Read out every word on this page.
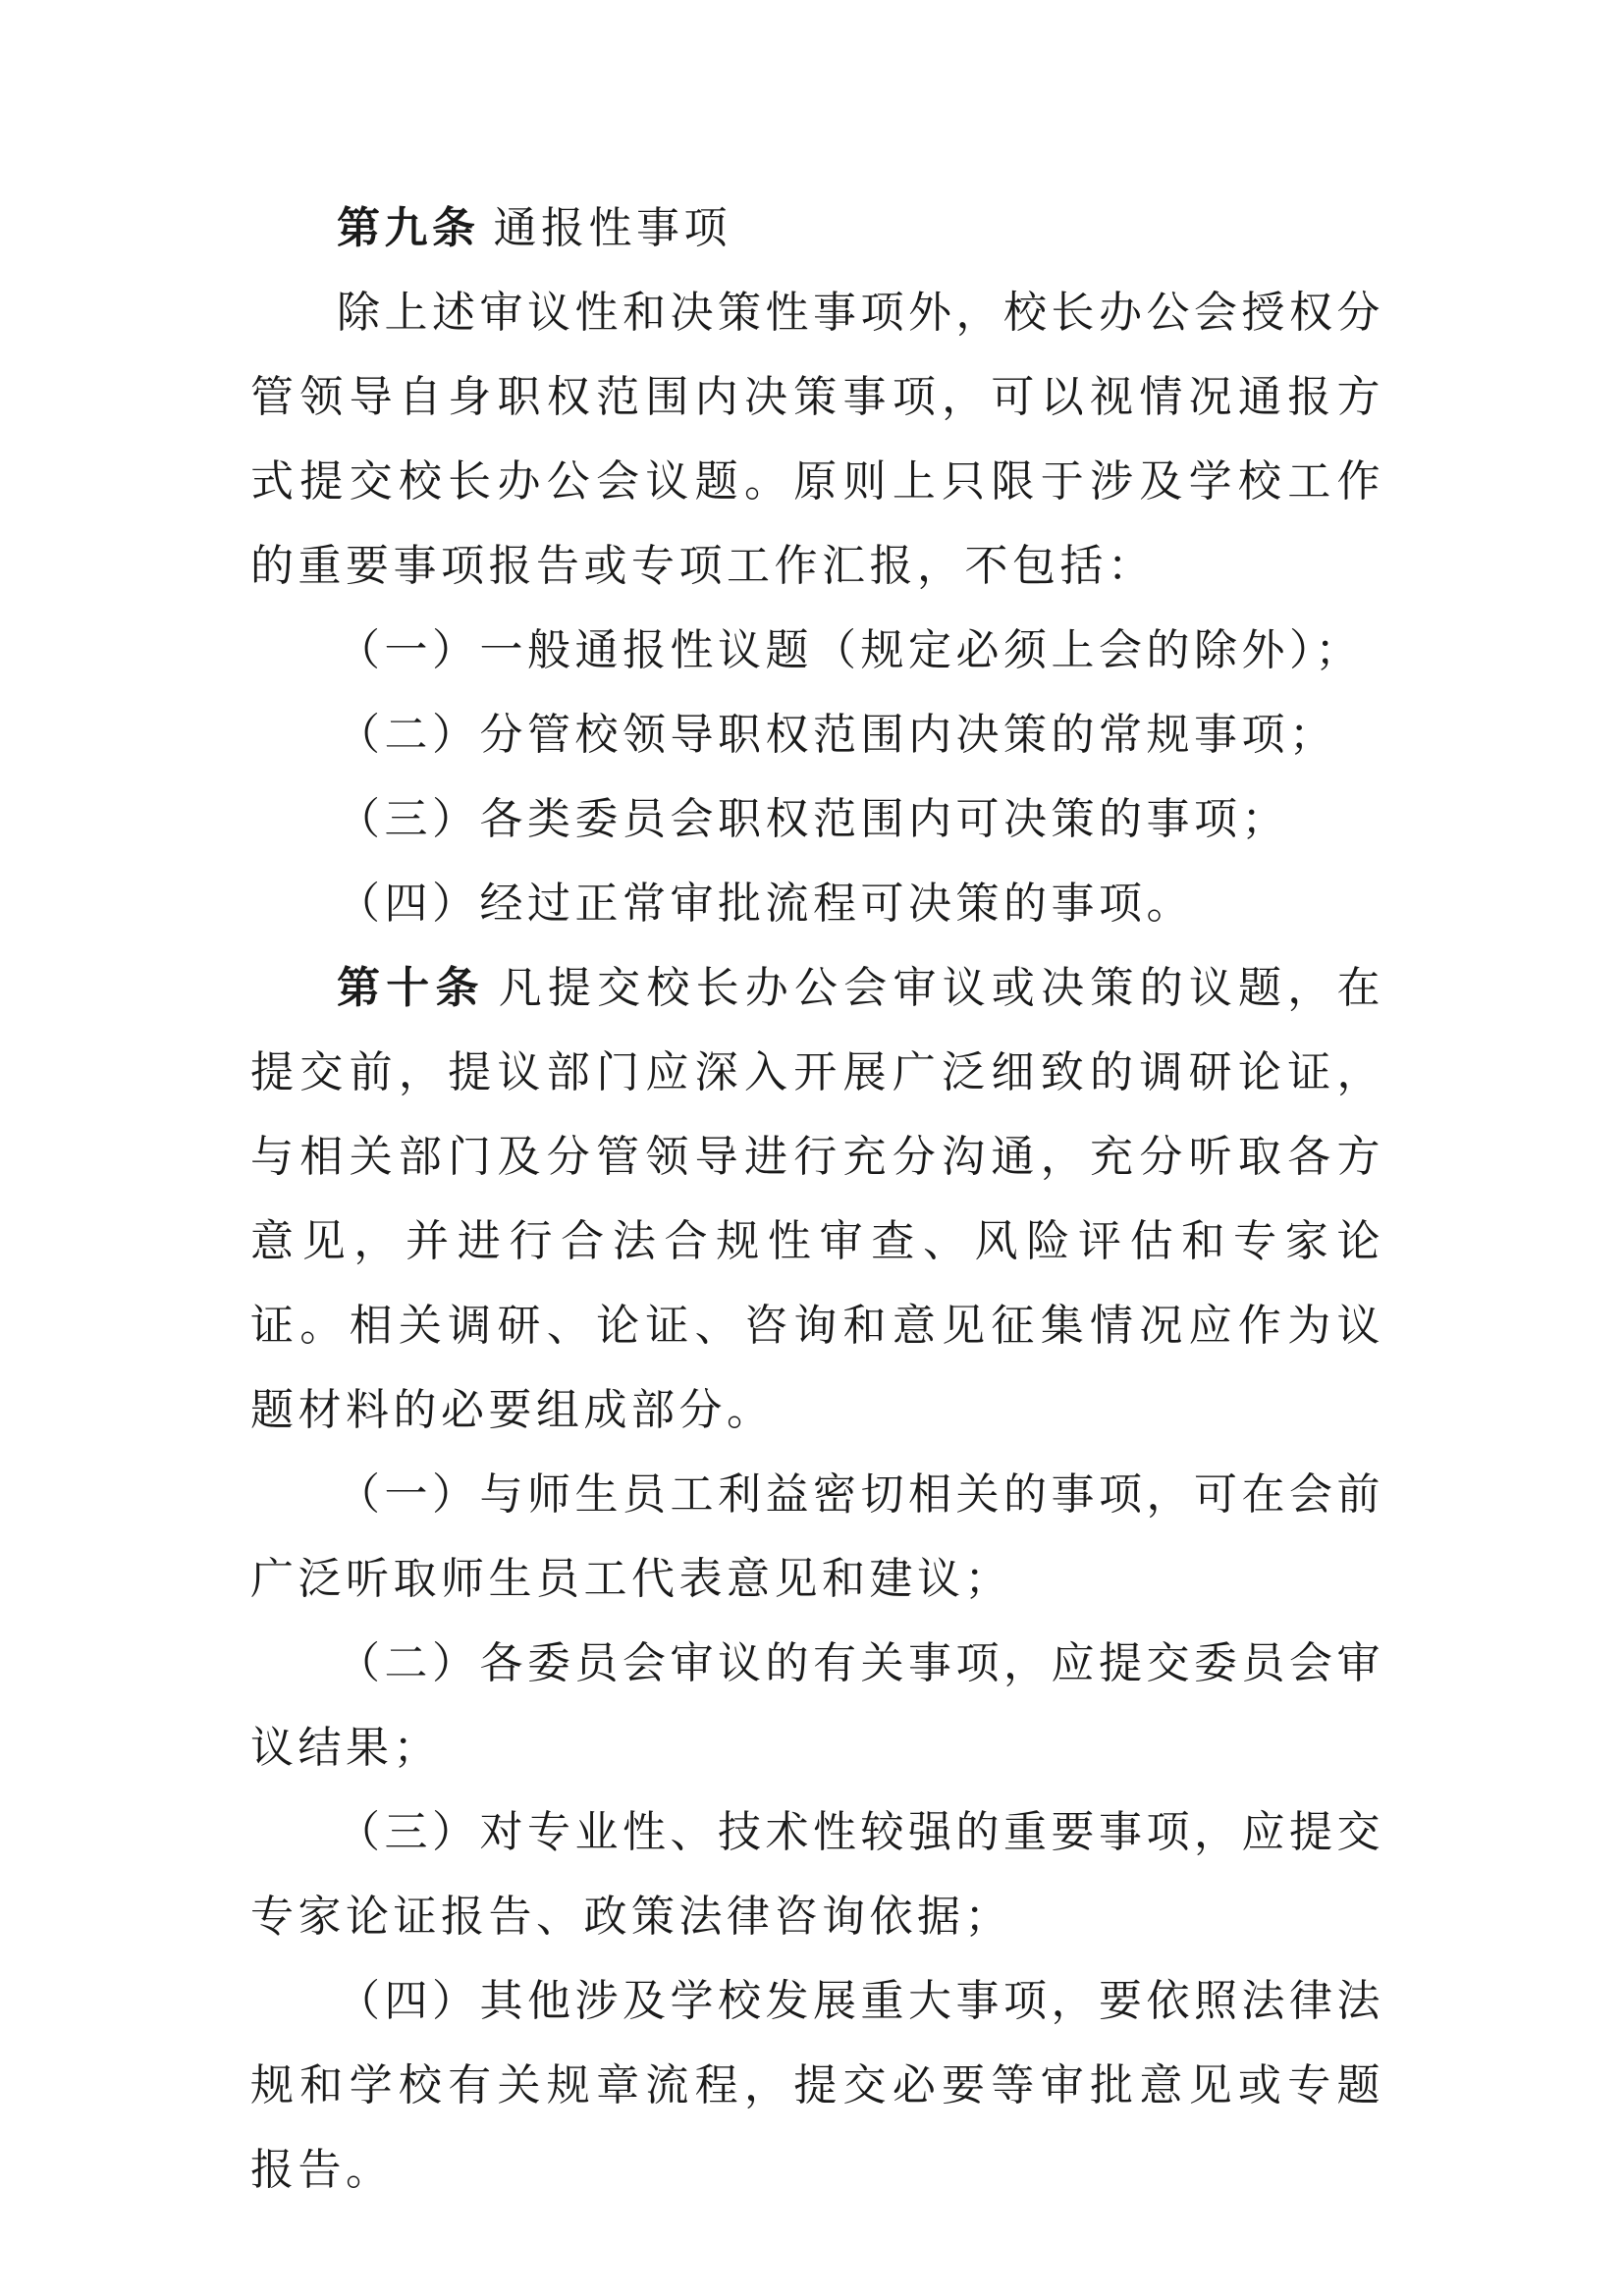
第九条 通报性事项

除上述审议性和决策性事项外，校长办公会授权分管领导自身职权范围内决策事项，可以视情况通报方式提交校长办公会议题。原则上只限于涉及学校工作的重要事项报告或专项工作汇报，不包括：

（一）一般通报性议题（规定必须上会的除外）；

（二）分管校领导职权范围内决策的常规事项；

（三）各类委员会职权范围内可决策的事项；

（四）经过正常审批流程可决策的事项。

第十条 凡提交校长办公会审议或决策的议题，在提交前，提议部门应深入开展广泛细致的调研论证，与相关部门及分管领导进行充分沟通，充分听取各方意见，并进行合法合规性审查、风险评估和专家论证。相关调研、论证、咨询和意见征集情况应作为议题材料的必要组成部分。

（一）与师生员工利益密切相关的事项，可在会前广泛听取师生员工代表意见和建议；

（二）各委员会审议的有关事项，应提交委员会审议结果；

（三）对专业性、技术性较强的重要事项，应提交专家论证报告、政策法律咨询依据；

（四）其他涉及学校发展重大事项，要依照法律法规和学校有关规章流程，提交必要等审批意见或专题报告。
